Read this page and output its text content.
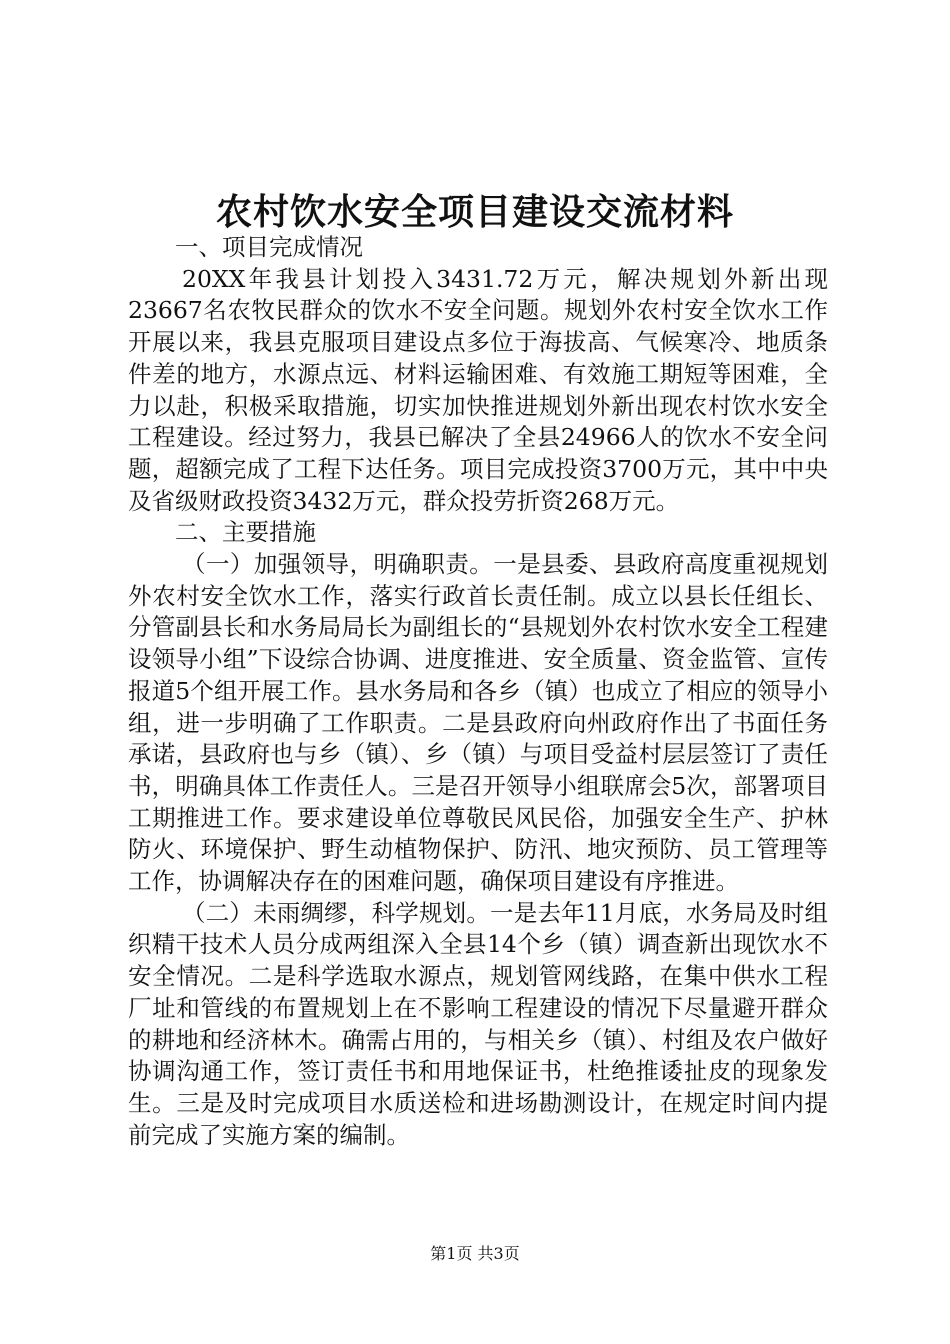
农村饮水安全项目建设交流材料

一、项目完成情况

20XX年我县计划投入3431.72万元，解决规划外新出现23667名农牧民群众的饮水不安全问题。规划外农村安全饮水工作开展以来，我县克服项目建设点多位于海拔高、气候寒冷、地质条件差的地方，水源点远、材料运输困难、有效施工期短等困难，全力以赴，积极采取措施，切实加快推进规划外新出现农村饮水安全工程建设。经过努力，我县已解决了全县24966人的饮水不安全问题，超额完成了工程下达任务。项目完成投资3700万元，其中中央及省级财政投资3432万元，群众投劳折资268万元。

二、主要措施

（一）加强领导，明确职责。一是县委、县政府高度重视规划外农村安全饮水工作，落实行政首长责任制。成立以县长任组长、分管副县长和水务局局长为副组长的“县规划外农村饮水安全工程建设领导小组”下设综合协调、进度推进、安全质量、资金监管、宣传报道5个组开展工作。县水务局和各乡（镇）也成立了相应的领导小组，进一步明确了工作职责。二是县政府向州政府作出了书面任务承诺，县政府也与乡（镇）、乡（镇）与项目受益村层层签订了责任书，明确具体工作责任人。三是召开领导小组联席会5次，部署项目工期推进工作。要求建设单位尊敬民风民俗，加强安全生产、护林防火、环境保护、野生动植物保护、防汛、地灾预防、员工管理等工作，协调解决存在的困难问题，确保项目建设有序推进。

（二）未雨绸缪，科学规划。一是去年11月底，水务局及时组织精干技术人员分成两组深入全县14个乡（镇）调查新出现饮水不安全情况。二是科学选取水源点，规划管网线路，在集中供水工程厂址和管线的布置规划上在不影响工程建设的情况下尽量避开群众的耕地和经济林木。确需占用的，与相关乡（镇）、村组及农户做好协调沟通工作，签订责任书和用地保证书，杜绝推诿扯皮的现象发生。三是及时完成项目水质送检和进场勘测设计，在规定时间内提前完成了实施方案的编制。

第1页 共3页
